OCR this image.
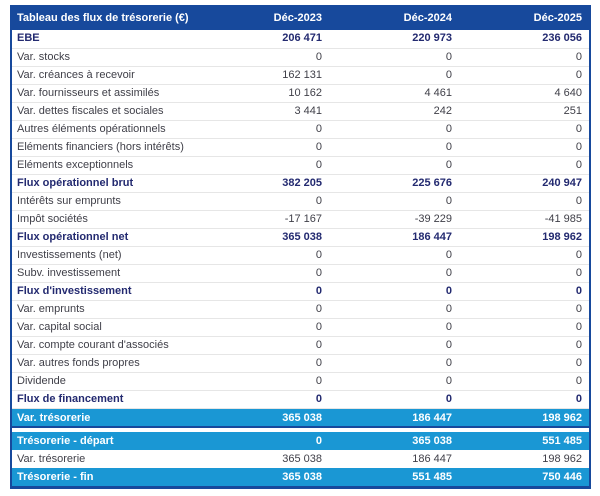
Tableau des flux de trésorerie (€)	Déc-2023	Déc-2024	Déc-2025
EBE	206 471	220 973	236 056
Var. stocks	0	0	0
Var. créances à recevoir	162 131	0	0
Var. fournisseurs et assimilés	10 162	4 461	4 640
Var. dettes fiscales et sociales	3 441	242	251
Autres éléments opérationnels	0	0	0
Eléments financiers (hors intérêts)	0	0	0
Eléments exceptionnels	0	0	0
Flux opérationnel brut	382 205	225 676	240 947
Intérêts sur emprunts	0	0	0
Impôt sociétés	-17 167	-39 229	-41 985
Flux opérationnel net	365 038	186 447	198 962
Investissements (net)	0	0	0
Subv. investissement	0	0	0
Flux d'investissement	0	0	0
Var. emprunts	0	0	0
Var. capital social	0	0	0
Var. compte courant d'associés	0	0	0
Var. autres fonds propres	0	0	0
Dividende	0	0	0
Flux de financement	0	0	0
Var. trésorerie	365 038	186 447	198 962
Trésorerie - départ	0	365 038	551 485
Var. trésorerie	365 038	186 447	198 962
Trésorerie - fin	365 038	551 485	750 446
